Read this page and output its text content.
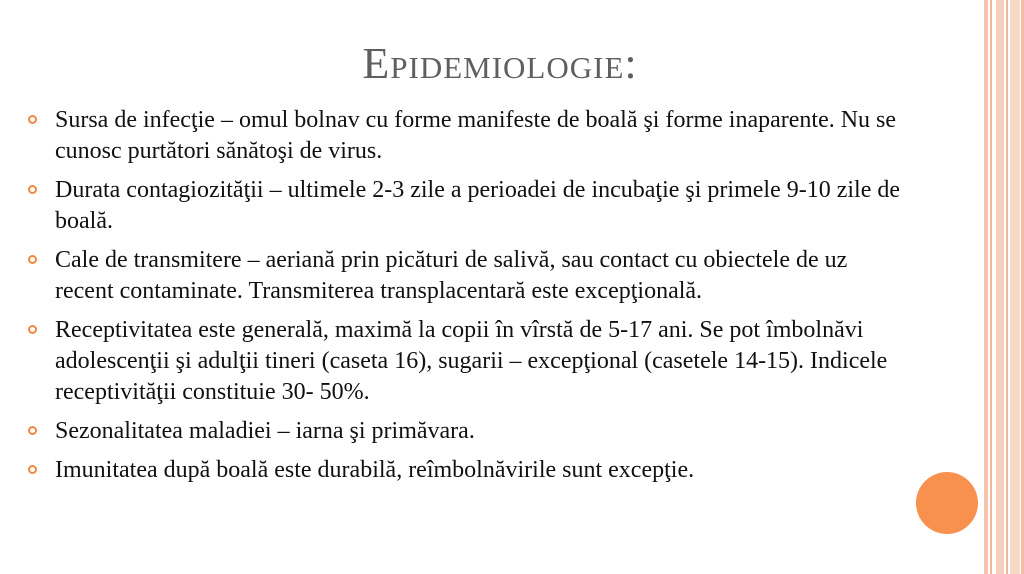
Epidemiologie:
Sursa de infecţie – omul bolnav cu forme manifeste de boală şi forme inaparente. Nu se cunosc purtători sănătoşi de virus.
Durata contagiozităţii – ultimele 2-3 zile a perioadei de incubaţie şi primele 9-10 zile de boală.
Cale de transmitere – aeriană prin picături de salivă, sau contact cu obiectele de uz recent contaminate. Transmiterea transplacentară este excepţională.
Receptivitatea este generală, maximă la copii în vîrstă de 5-17 ani. Se pot îmbolnăvi adolescenţii şi adulţii tineri (caseta 16), sugarii – excepţional (casetele 14-15). Indicele receptivităţii constituie 30- 50%.
Sezonalitatea maladiei – iarna şi primăvara.
Imunitatea după boală este durabilă, reîmbolnăvirile sunt excepţie.
